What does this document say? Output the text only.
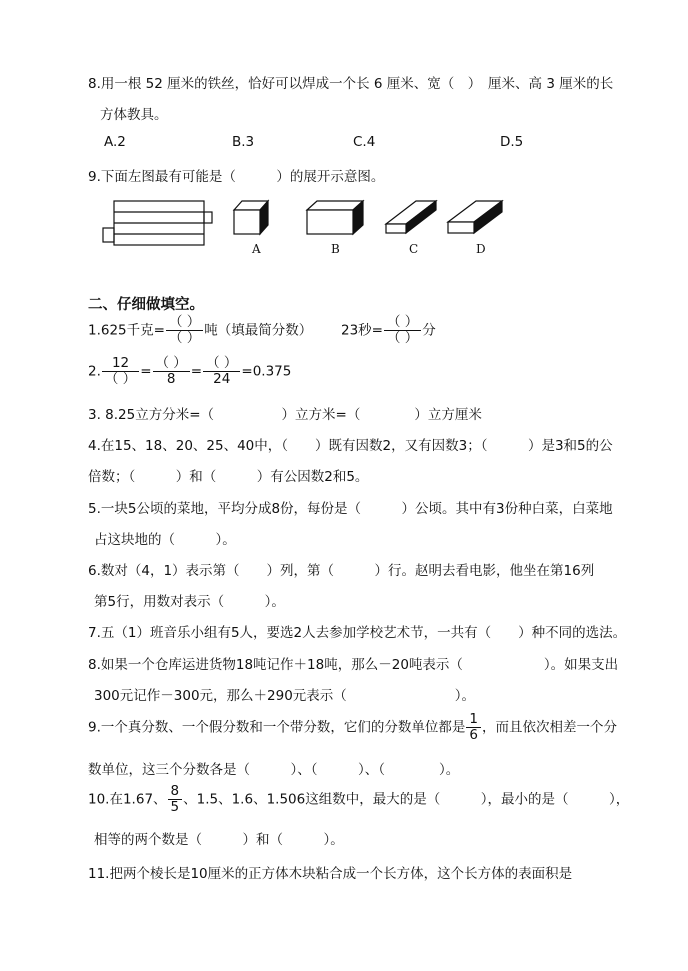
8.用一根 52 厘米的铁丝，恰好可以焊成一个长 6 厘米、宽（　）　厘米、高 3 厘米的长
方体教具。
A.2	B.3	C.4	D.5
9.下面左图最有可能是（　　　）的展开示意图。
A	B	C	D
二、仔细做填空。
1.625千克= $\frac{( )}{( )}$ 吨（填最简分数） 23秒= $\frac{( )}{( )}$ 分
2. $\frac{12}{( )} = \frac{( )}{8} = \frac{( )}{24} =0.375$
3. 8.25立方分米=（　　　　　）立方米=（　　　　）立方厘米
4.在15、18、20、25、40中，（　　）既有因数2，又有因数3；（　　　）是3和5的公
倍数；（　　　）和（　　　）有公因数2和5。
5.一块5公顷的菜地，平均分成8份，每份是（　　　）公顷。其中有3份种白菜，白菜地
占这块地的（　　　）。
6.数对（4，1）表示第（　　）列，第（　　　）行。赵明去看电影，他坐在第16列
第5行，用数对表示（　　　）。
7.五（1）班音乐小组有5人，要选2人去参加学校艺术节，一共有（　　）种不同的选法。
8.如果一个仓库运进货物18吨记作＋18吨，那么－20吨表示（　　　　　　）。如果支出
300元记作－300元，那么＋290元表示（　　　　　　　　）。
9.一个真分数、一个假分数和一个带分数，它们的分数单位都是 $\frac{1}{6}$ ，而且依次相差一个分
数单位，这三个分数各是（　　　）、（　　　）、（　　　　）。
10.在1.67、 $\frac{8}{5}$ 、1.5、1.6、1.506这组数中，最大的是（　　　），最小的是（　　　），
相等的两个数是（　　　）和（　　　）。
11.把两个棱长是10厘米的正方体木块粘合成一个长方体，这个长方体的表面积是
